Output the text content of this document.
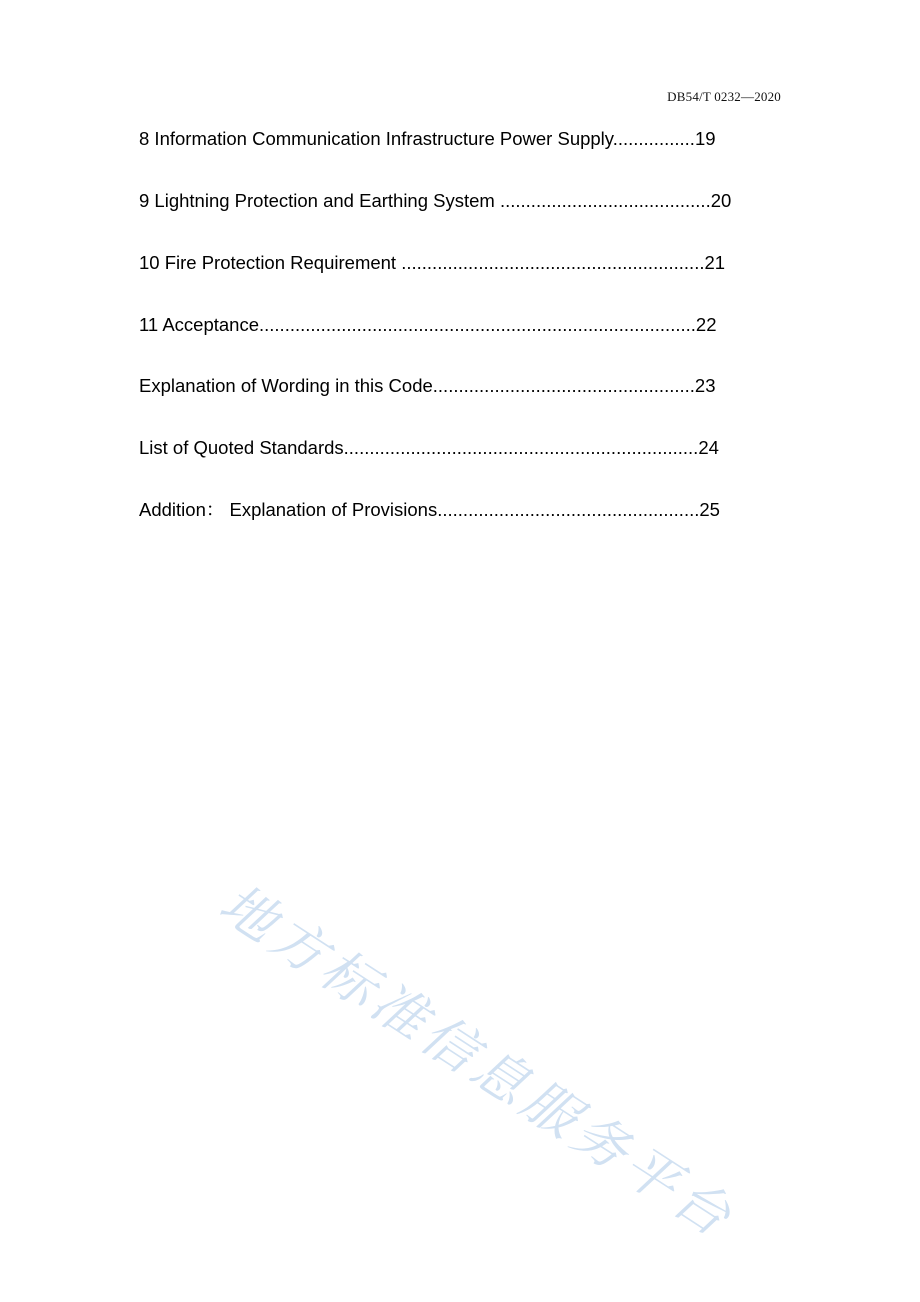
DB54/T 0232—2020
8 Information Communication Infrastructure Power Supply................19
9 Lightning Protection and Earthing System .........................................20
10 Fire Protection Requirement ...........................................................21
11 Acceptance.....................................................................................22
Explanation of Wording in this Code...................................................23
List of Quoted Standards.....................................................................24
Addition： Explanation of Provisions...................................................25
地方标准信息服务平台
